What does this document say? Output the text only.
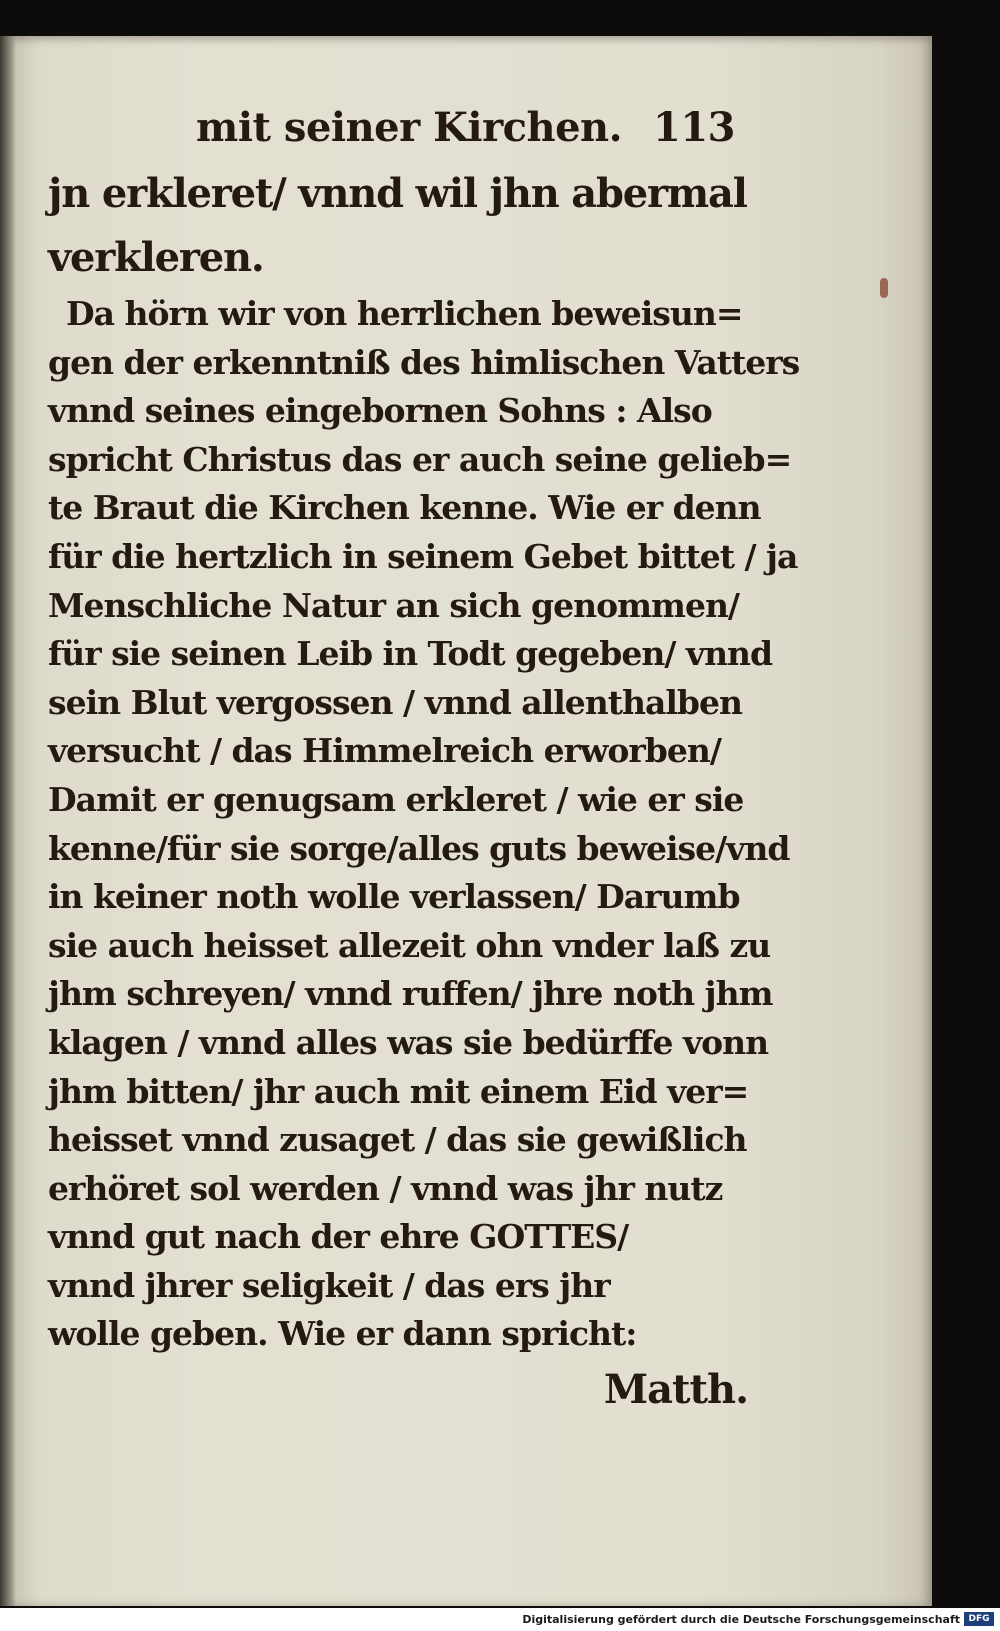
mit seiner Kirchen. 113
jn erkleret/ vnnd wil jhn abermal
verkleren.
Da hörn wir von herrlichen beweisun=
gen der erkenntniß des himlischen Vatters
vnnd seines eingebornen Sohns : Also
spricht Christus das er auch seine gelieb=
te Braut die Kirchen kenne. Wie er denn
für die hertzlich in seinem Gebet bittet / ja
Menschliche Natur an sich genommen/
für sie seinen Leib in Todt gegeben/ vnnd
sein Blut vergossen / vnnd allenthalben
versucht / das Himmelreich erworben/
Damit er genugsam erkleret / wie er sie
kenne/für sie sorge/alles guts beweise/vnd
in keiner noth wolle verlassen/ Darumb
sie auch heisset allezeit ohn vnder laß zu
jhm schreyen/ vnnd ruffen/ jhre noth jhm
klagen / vnnd alles was sie bedürffe vonn
jhm bitten/ jhr auch mit einem Eid ver=
heisset vnnd zusaget / das sie gewißlich
erhöret sol werden / vnnd was jhr nutz
vnnd gut nach der ehre GOTTES/
vnnd jhrer seligkeit / das ers jhr
wolle geben. Wie er dann spricht:
Matth.
Digitalisierung gefördert durch die Deutsche Forschungsgemeinschaft DFG
